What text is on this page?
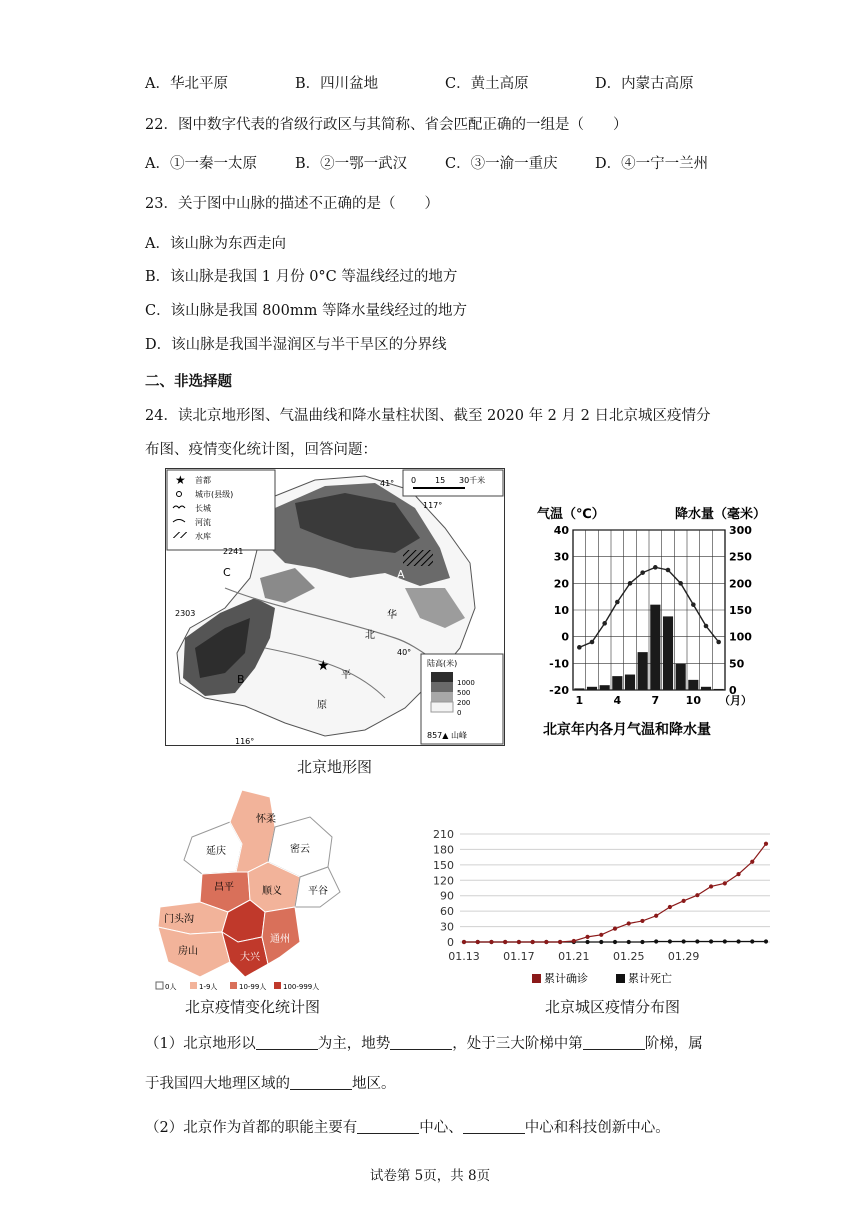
A．华北平原	B．四川盆地	C．黄土高原	D．内蒙古高原
22．图中数字代表的省级行政区与其简称、省会匹配正确的一组是（　　）
A．①一秦一太原	B．②一鄂一武汉	C．③一渝一重庆	D．④一宁一兰州
23．关于图中山脉的描述不正确的是（　　）
A．该山脉为东西走向
B．该山脉是我国 1 月份 0°C 等温线经过的地方
C．该山脉是我国 800mm 等降水量线经过的地方
D．该山脉是我国半湿润区与半干旱区的分界线
二、非选择题
24．读北京地形图、气温曲线和降水量柱状图、截至 2020 年 2 月 2 日北京城区疫情分
布图、疫情变化统计图，回答问题：
★ 首都
城市(县级)
长城
河流
水库
0 15 30千米
41°
117°
40°
116°
2241
2303
A
C
B
华
北
平
原
★	陆高(米)
1000
500
200
0
857▲ 山峰
北京地形图
气温（℃）	降水量（毫米）
40
30
20
10
0
-10
-20
300
250
200
150
100
50
0
1	4	7 10 （月）
北京年内各月气温和降水量
延庆
怀柔
密云
昌平	顺义	平谷
门头沟
房山
大兴
通州
0人	1-9人	10-99人 100-999人
北京疫情变化统计图
210
180
150
120
90
60
30
0
01.13 01.17 01.21 01.25 01.29
累计确诊	累计死亡
北京城区疫情分布图
（1）北京地形以	为主，地势	，处于三大阶梯中第	阶梯，属
于我国四大地理区域的	地区。
（2）北京作为首都的职能主要有	中心、	中心和科技创新中心。
试卷第 5页，共 8页
